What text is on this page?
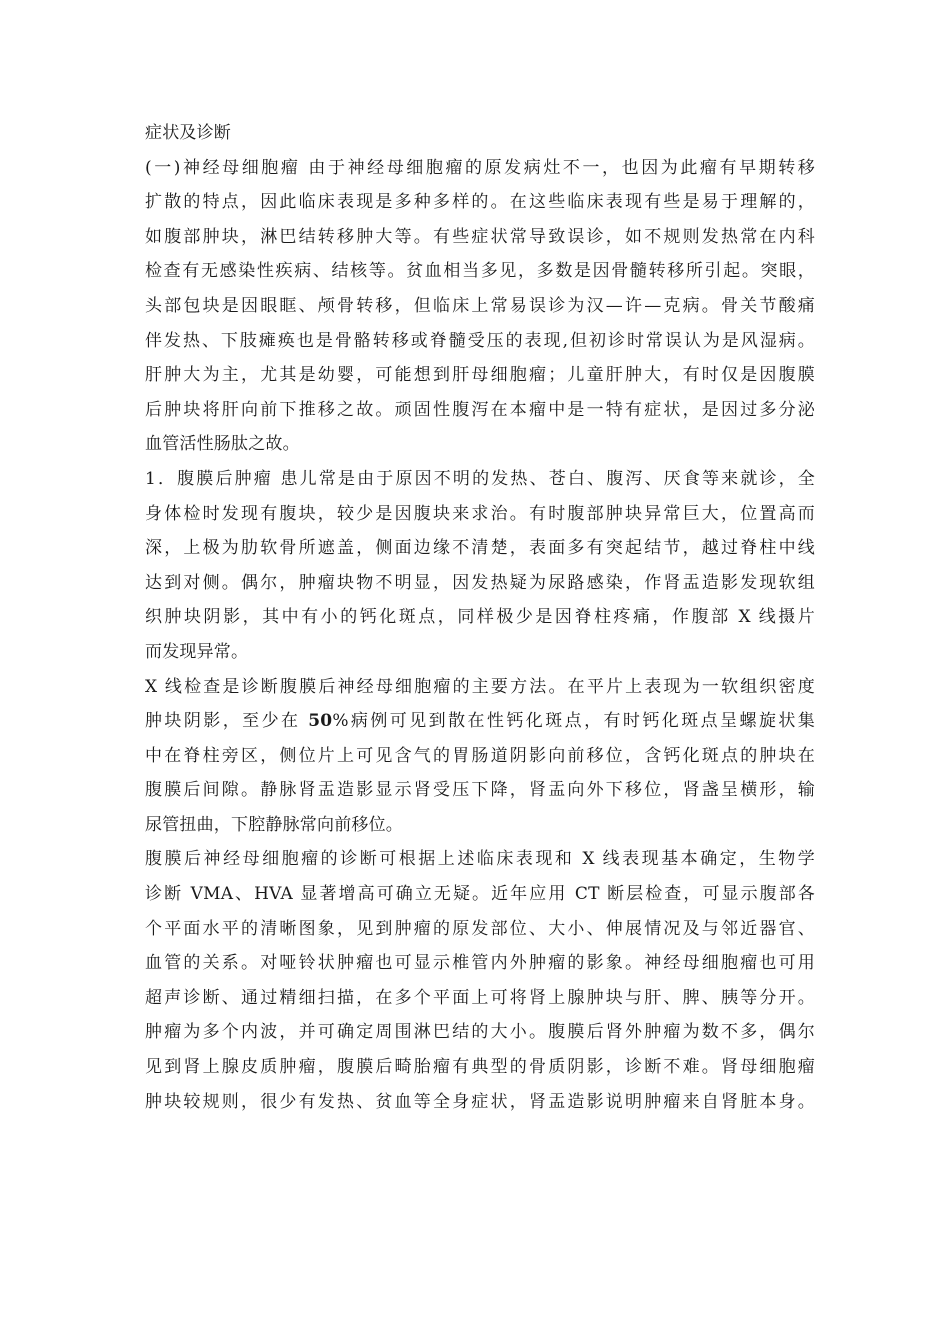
症状及诊断
(一)神经母细胞瘤 由于神经母细胞瘤的原发病灶不一，也因为此瘤有早期转移
扩散的特点，因此临床表现是多种多样的。在这些临床表现有些是易于理解的，
如腹部肿块，淋巴结转移肿大等。有些症状常导致误诊，如不规则发热常在内科
检查有无感染性疾病、结核等。贫血相当多见，多数是因骨髓转移所引起。突眼，
头部包块是因眼眶、颅骨转移，但临床上常易误诊为汉—许—克病。骨关节酸痛
伴发热、下肢瘫痪也是骨骼转移或脊髓受压的表现,但初诊时常误认为是风湿病。
肝肿大为主，尤其是幼婴，可能想到肝母细胞瘤；儿童肝肿大，有时仅是因腹膜
后肿块将肝向前下推移之故。顽固性腹泻在本瘤中是一特有症状，是因过多分泌
血管活性肠肽之故。
1．腹膜后肿瘤 患儿常是由于原因不明的发热、苍白、腹泻、厌食等来就诊，全
身体检时发现有腹块，较少是因腹块来求治。有时腹部肿块异常巨大，位置高而
深，上极为肋软骨所遮盖，侧面边缘不清楚，表面多有突起结节，越过脊柱中线
达到对侧。偶尔，肿瘤块物不明显，因发热疑为尿路感染，作肾盂造影发现软组
织肿块阴影，其中有小的钙化斑点，同样极少是因脊柱疼痛，作腹部 X 线摄片
而发现异常。
X 线检查是诊断腹膜后神经母细胞瘤的主要方法。在平片上表现为一软组织密度
肿块阴影，至少在 50%病例可见到散在性钙化斑点，有时钙化斑点呈螺旋状集
中在脊柱旁区，侧位片上可见含气的胃肠道阴影向前移位，含钙化斑点的肿块在
腹膜后间隙。静脉肾盂造影显示肾受压下降，肾盂向外下移位，肾盏呈横形，输
尿管扭曲，下腔静脉常向前移位。
腹膜后神经母细胞瘤的诊断可根据上述临床表现和 X 线表现基本确定，生物学
诊断 VMA、HVA 显著增高可确立无疑。近年应用 CT 断层检查，可显示腹部各
个平面水平的清晰图象，见到肿瘤的原发部位、大小、伸展情况及与邻近器官、
血管的关系。对哑铃状肿瘤也可显示椎管内外肿瘤的影象。神经母细胞瘤也可用
超声诊断、通过精细扫描，在多个平面上可将肾上腺肿块与肝、脾、胰等分开。
肿瘤为多个内波，并可确定周围淋巴结的大小。腹膜后肾外肿瘤为数不多，偶尔
见到肾上腺皮质肿瘤，腹膜后畸胎瘤有典型的骨质阴影，诊断不难。肾母细胞瘤
肿块较规则，很少有发热、贫血等全身症状，肾盂造影说明肿瘤来自肾脏本身。
